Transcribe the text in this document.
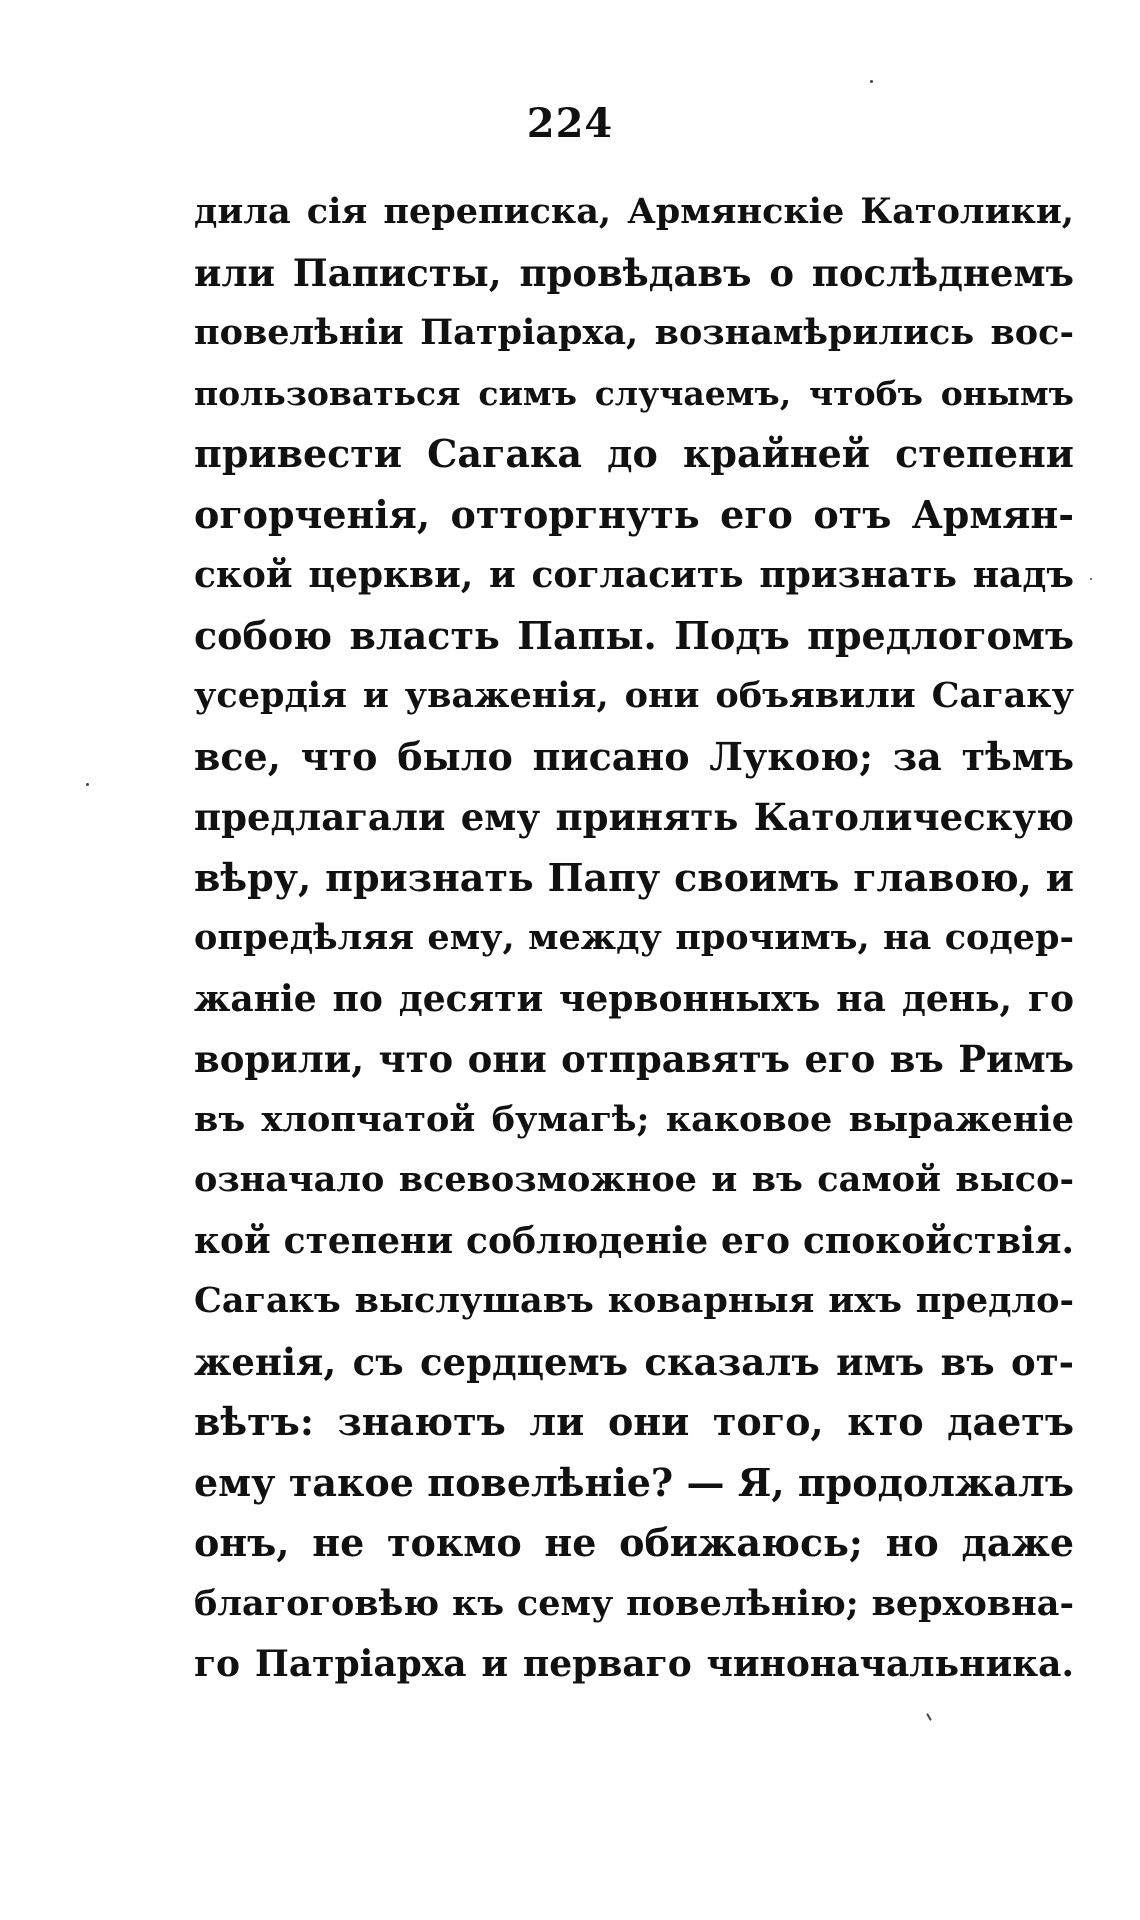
224
дила сія переписка, Армянскіе Католики,
или Паписты, провѣдавъ о послѣднемъ
повелѣніи Патріарха, вознамѣрились вос-
пользоваться симъ случаемъ, чтобъ онымъ
привести Сагака до крайней степени
огорченія, отторгнуть его отъ Армян-
ской церкви, и согласить признать надъ
собою власть Папы. Подъ предлогомъ
усердія и уваженія, они объявили Сагаку
все, что было писано Лукою; за тѣмъ
предлагали ему принять Католическую
вѣру, признать Папу своимъ главою, и
опредѣляя ему, между прочимъ, на содер-
жаніе по десяти червонныхъ на день, го
ворили, что они отправятъ его въ Римъ
въ хлопчатой бумагѣ; каковое выраженіе
означало всевозможное и въ самой высо-
кой степени соблюденіе его спокойствія.
Сагакъ выслушавъ коварныя ихъ предло-
женія, съ сердцемъ сказалъ имъ въ от-
вѣтъ: знаютъ ли они того, кто даетъ
ему такое повелѣніе? — Я, продолжалъ
онъ, не токмо не обижаюсь; но даже
благоговѣю къ сему повелѣнію; верховна-
го Патріарха и перваго чиноначальника.
